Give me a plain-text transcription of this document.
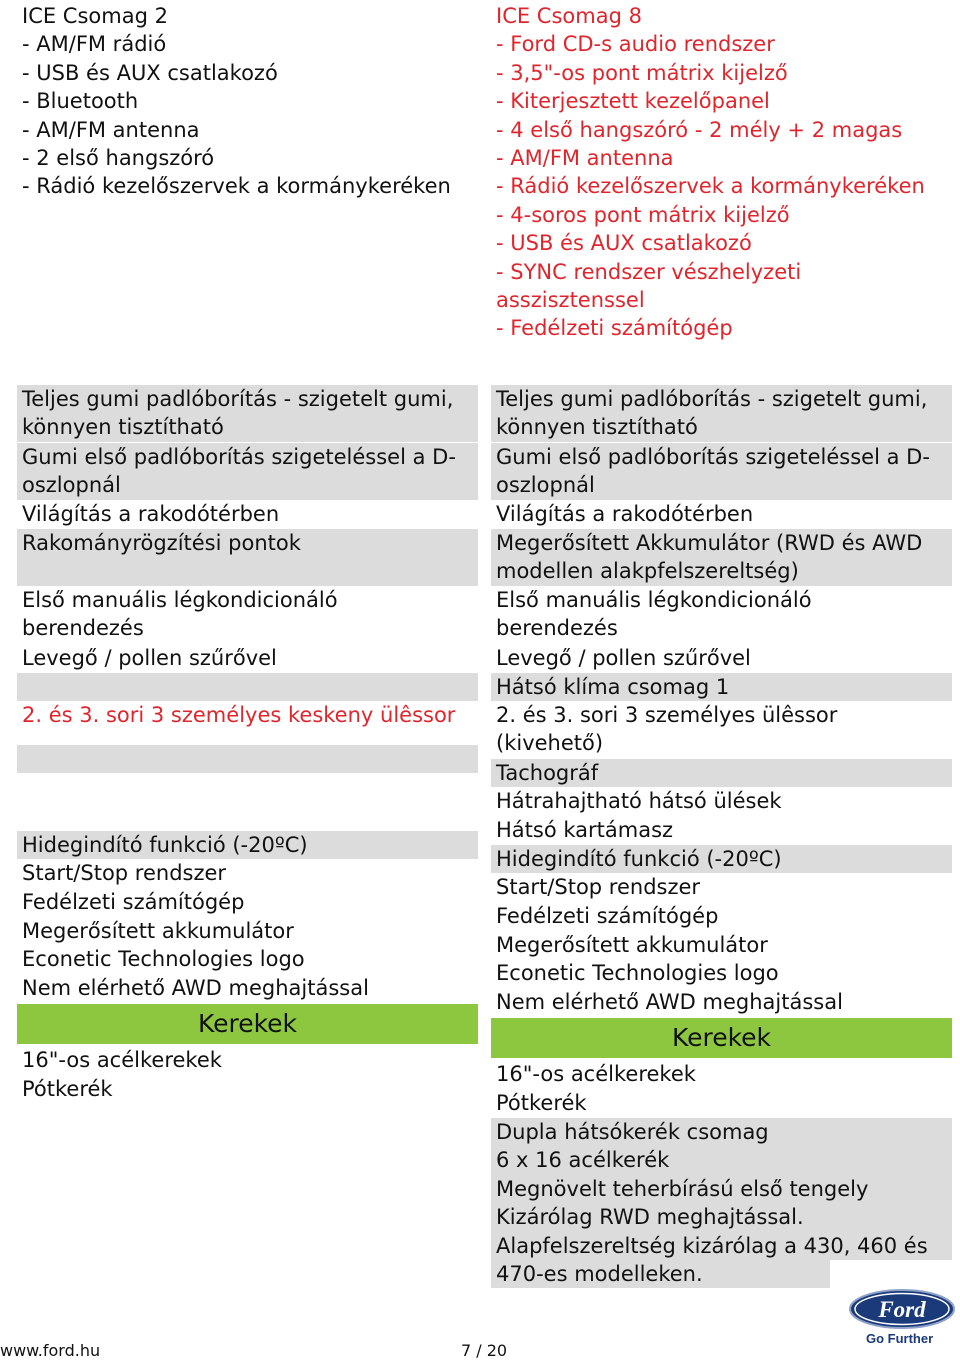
ICE Csomag 2
- AM/FM rádió
- USB és AUX csatlakozó
- Bluetooth
- AM/FM antenna
- 2 első hangszóró
- Rádió kezelőszervek a kormánykeréken
ICE Csomag 8
- Ford CD-s audio rendszer
- 3,5"-os pont mátrix kijelző
- Kiterjesztett kezelőpanel
- 4 első hangszóró - 2 mély + 2 magas
- AM/FM antenna
- Rádió kezelőszervek a kormánykeréken
- 4-soros pont mátrix kijelző
- USB és AUX csatlakozó
- SYNC rendszer vészhelyzeti
asszisztenssel
- Fedélzeti számítógép
Teljes gumi padlóborítás - szigetelt gumi,
könnyen tisztítható
Gumi első padlóborítás szigeteléssel a D-
oszlopnál
Világítás a rakodótérben
Rakományrögzítési pontok
Első manuális légkondicionáló
berendezés
Levegő / pollen szűrővel
2. és 3. sori 3 személyes keskeny ülêssor
Hidegindító funkció (-20ºC)
Start/Stop rendszer
Fedélzeti számítógép
Megerősített akkumulátor
Econetic Technologies logo
Nem elérhető AWD meghajtással
Kerekek
16"-os acélkerekek
Pótkerék
Teljes gumi padlóborítás - szigetelt gumi,
könnyen tisztítható
Gumi első padlóborítás szigeteléssel a D-
oszlopnál
Világítás a rakodótérben
Megerősített Akkumulátor (RWD és AWD
modellen alakpfelszereltség)
Első manuális légkondicionáló
berendezés
Levegő / pollen szűrővel
Hátsó klíma csomag 1
2. és 3. sori 3 személyes ülêssor
(kivehető)
Tachográf
Hátrahajtható hátsó ülések
Hátsó kartámasz
Hidegindító funkció (-20ºC)
Start/Stop rendszer
Fedélzeti számítógép
Megerősített akkumulátor
Econetic Technologies logo
Nem elérhető AWD meghajtással
Kerekek
16"-os acélkerekek
Pótkerék
Dupla hátsókerék csomag
6 x 16 acélkerék
Megnövelt teherbírású első tengely
Kizárólag RWD meghajtással.
Alapfelszereltség kizárólag a 430, 460 és
470-es modelleken.
www.ford.hu	7 / 20
Ford
Go Further
